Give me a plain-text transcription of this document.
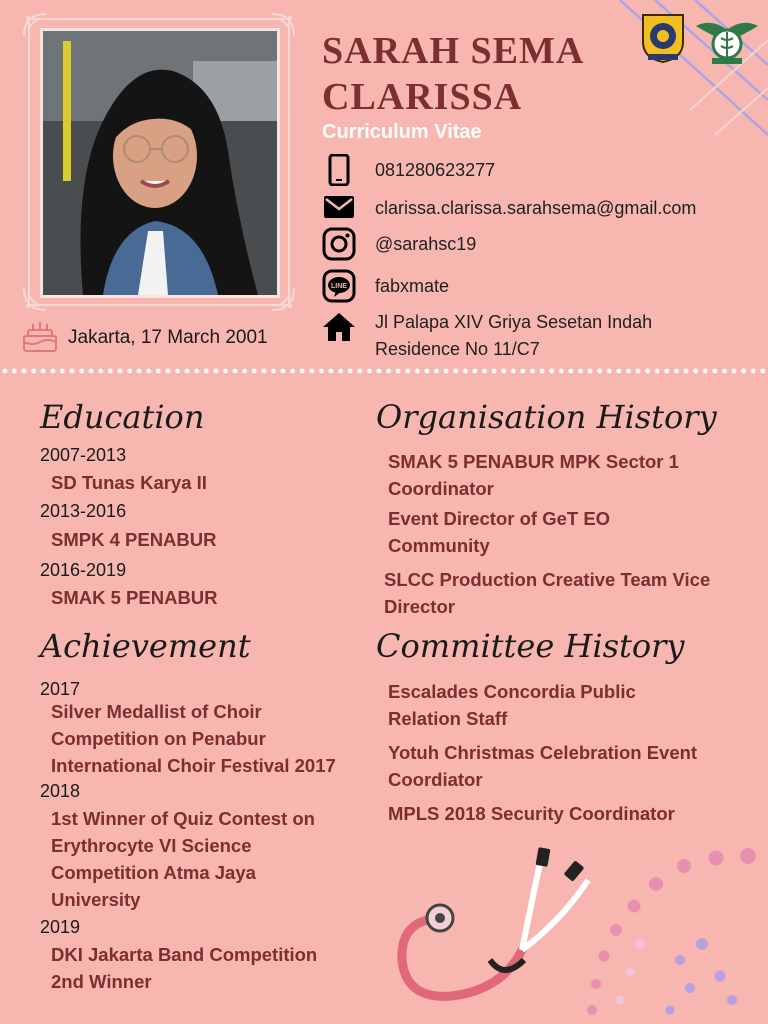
Jakarta, 17 March 2001
SARAH SEMA
CLARISSA
Curriculum Vitae
081280623277
clarissa.clarissa.sarahsema@gmail.com
@sarahsc19
LINE fabxmate
Jl Palapa XIV Griya Sesetan Indah
Residence No 11/C7
Education
2007-2013
SD Tunas Karya II
2013-2016
SMPK 4 PENABUR
2016-2019
SMAK 5 PENABUR
Organisation History
SMAK 5 PENABUR MPK Sector 1
Coordinator
Event Director of GeT EO
Community
SLCC Production Creative Team Vice
Director
Achievement
2017
Silver Medallist of Choir
Competition on Penabur
International Choir Festival 2017
2018
1st Winner of Quiz Contest on
Erythrocyte VI Science
Competition Atma Jaya
University
2019
DKI Jakarta Band Competition
2nd Winner
Committee History
Escalades Concordia Public
Relation Staff
Yotuh Christmas Celebration Event
Coordiator
MPLS 2018 Security Coordinator
